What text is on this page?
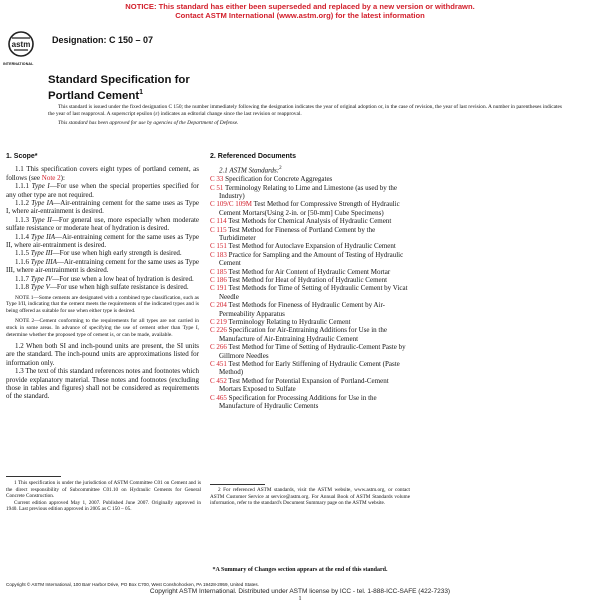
NOTICE: This standard has either been superseded and replaced by a new version or withdrawn.
Contact ASTM International (www.astm.org) for the latest information
astm
INTERNATIONAL
Designation: C 150 – 07
Standard Specification for
Portland Cement$^1$

This standard is issued under the fixed designation C 150; the number immediately following the designation indicates the year of original adoption or, in the case of revision, the year of last revision. A number in parentheses indicates the year of last reapproval. A superscript epsilon (ε) indicates an editorial change since the last revision or reapproval.

This standard has been approved for use by agencies of the Department of Defense.

1. Scope*

1.1 This specification covers eight types of portland cement, as follows (see Note 2):

1.1.1 Type I—For use when the special properties specified for any other type are not required.

1.1.2 Type IA—Air-entraining cement for the same uses as Type I, where air-entrainment is desired.

1.1.3 Type II—For general use, more especially when moderate sulfate resistance or moderate heat of hydration is desired.

1.1.4 Type IIA—Air-entraining cement for the same uses as Type II, where air-entrainment is desired.

1.1.5 Type III—For use when high early strength is desired.

1.1.6 Type IIIA—Air-entraining cement for the same uses as Type III, where air-entrainment is desired.

1.1.7 Type IV—For use when a low heat of hydration is desired.

1.1.8 Type V—For use when high sulfate resistance is desired.

NOTE 1—Some cements are designated with a combined type classification, such as Type I/II, indicating that the cement meets the requirements of the indicated types and is being offered as suitable for use when either type is desired.

NOTE 2—Cement conforming to the requirements for all types are not carried in stock in some areas. In advance of specifying the use of cement other than Type I, determine whether the proposed type of cement is, or can be made, available.

1.2 When both SI and inch-pound units are present, the SI units are the standard. The inch-pound units are approximations listed for information only.

1.3 The text of this standard references notes and footnotes which provide explanatory material. These notes and footnotes (excluding those in tables and figures) shall not be considered as requirements of the standard.

2. Referenced Documents

2.1 ASTM Standards:$^2$

C 33 Specification for Concrete Aggregates

C 51 Terminology Relating to Lime and Limestone (as used by the Industry)

C 109/C 109M Test Method for Compressive Strength of Hydraulic Cement Mortars(Using 2-in. or [50-mm] Cube Specimens)

C 114 Test Methods for Chemical Analysis of Hydraulic Cement

C 115 Test Method for Fineness of Portland Cement by the Turbidimeter

C 151 Test Method for Autoclave Expansion of Hydraulic Cement

C 183 Practice for Sampling and the Amount of Testing of Hydraulic Cement

C 185 Test Method for Air Content of Hydraulic Cement Mortar

C 186 Test Method for Heat of Hydration of Hydraulic Cement

C 191 Test Methods for Time of Setting of Hydraulic Cement by Vicat Needle

C 204 Test Methods for Fineness of Hydraulic Cement by Air-Permeability Apparatus

C 219 Terminology Relating to Hydraulic Cement

C 226 Specification for Air-Entraining Additions for Use in the Manufacture of Air-Entraining Hydraulic Cement

C 266 Test Method for Time of Setting of Hydraulic-Cement Paste by Gillmore Needles

C 451 Test Method for Early Stiffening of Hydraulic Cement (Paste Method)

C 452 Test Method for Potential Expansion of Portland-Cement Mortars Exposed to Sulfate

C 465 Specification for Processing Additions for Use in the Manufacture of Hydraulic Cements

1 This specification is under the jurisdiction of ASTM Committee C01 on Cement and is the direct responsibility of Subcommittee C01.10 on Hydraulic Cements for General Concrete Construction.

Current edition approved May 1, 2007. Published June 2007. Originally approved in 1940. Last previous edition approved in 2005 as C 150 – 05.

2 For referenced ASTM standards, visit the ASTM website, www.astm.org, or contact ASTM Customer Service at service@astm.org. For Annual Book of ASTM Standards volume information, refer to the standard's Document Summary page on the ASTM website.

*A Summary of Changes section appears at the end of this standard.
Copyright © ASTM International, 100 Barr Harbor Drive, PO Box C700, West Conshohocken, PA 19428-2959, United States.
Copyright ASTM International. Distributed under ASTM license by ICC - tel. 1-888-ICC-SAFE (422-7233)
1
